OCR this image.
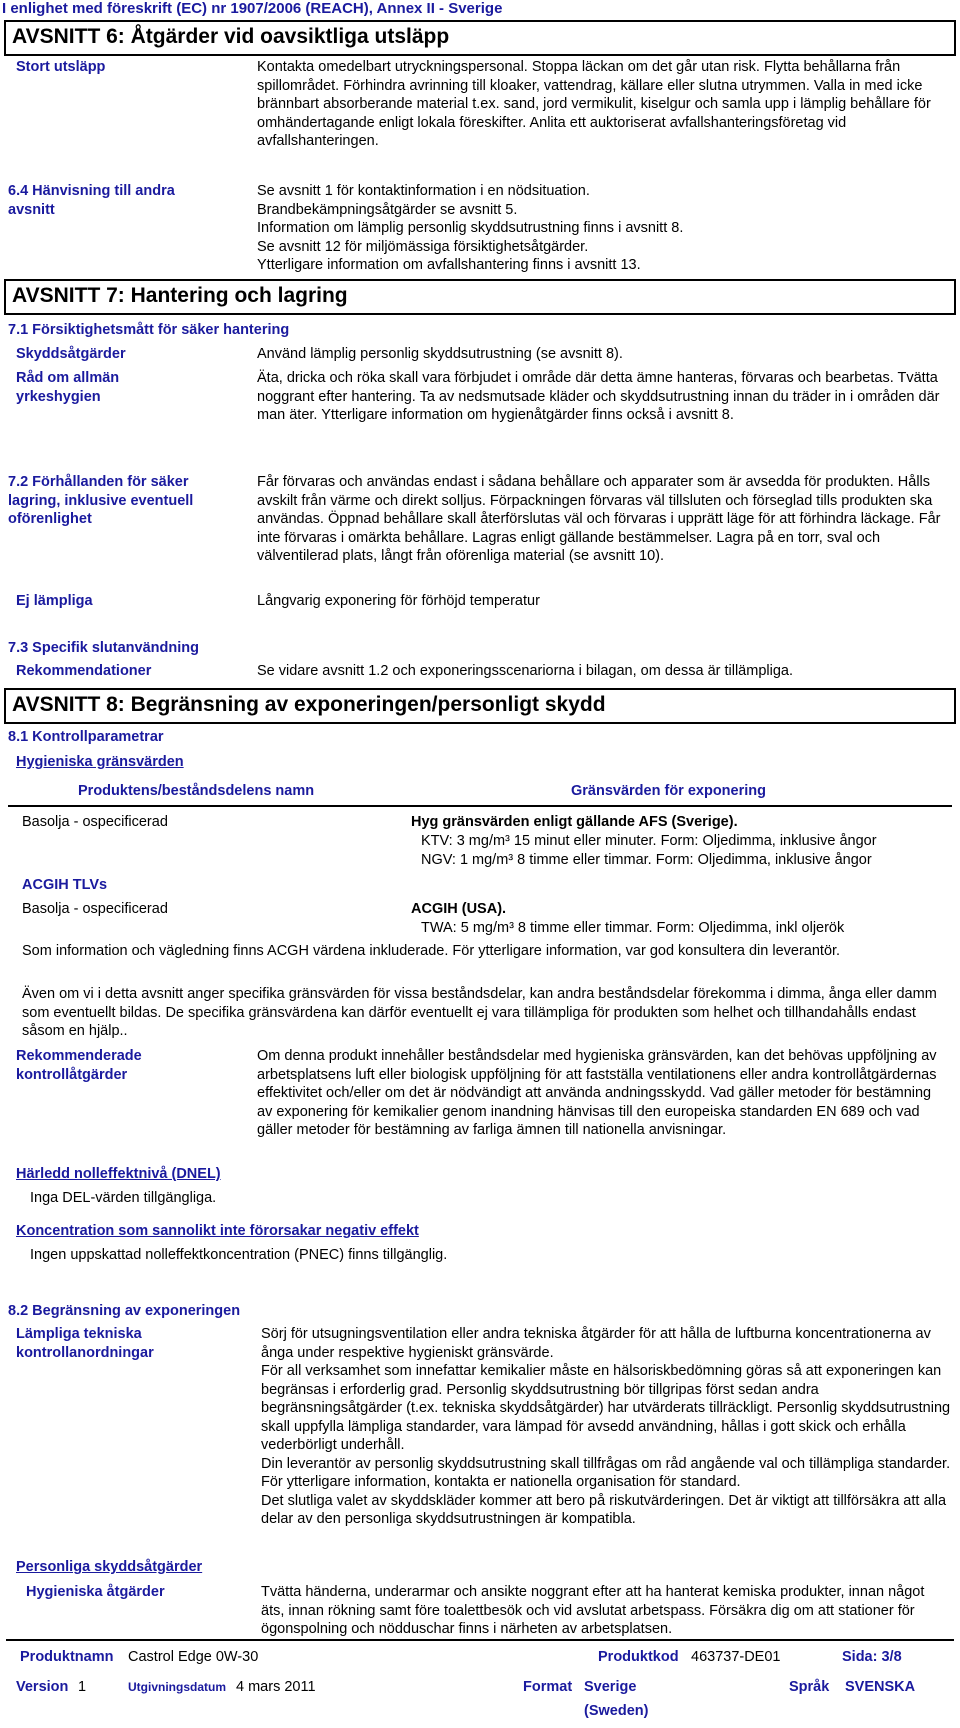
I enlighet med föreskrift (EC) nr 1907/2006 (REACH), Annex II - Sverige
AVSNITT 6: Åtgärder vid oavsiktliga utsläpp
Stort utsläpp	Kontakta omedelbart utryckningspersonal. Stoppa läckan om det går utan risk. Flytta behållarna från spillområdet. Förhindra avrinning till kloaker, vattendrag, källare eller slutna utrymmen. Valla in med icke brännbart absorberande material t.ex. sand, jord vermikulit, kiselgur och samla upp i lämplig behållare för omhändertagande enligt lokala föreskifter. Anlita ett auktoriserat avfallshanteringsföretag vid avfallshanteringen.
6.4 Hänvisning till andra avsnitt
Se avsnitt 1 för kontaktinformation i en nödsituation.
Brandbekämpningsåtgärder se avsnitt 5.
Information om lämplig personlig skyddsutrustning finns i avsnitt 8.
Se avsnitt 12 för miljömässiga försiktighetsåtgärder.
Ytterligare information om avfallshantering finns i avsnitt 13.
AVSNITT 7: Hantering och lagring
7.1 Försiktighetsmått för säker hantering
Skyddsåtgärder	Använd lämplig personlig skyddsutrustning (se avsnitt 8).
Råd om allmän yrkeshygien
Äta, dricka och röka skall vara förbjudet i område där detta ämne hanteras, förvaras och bearbetas. Tvätta noggrant efter hantering. Ta av nedsmutsade kläder och skyddsutrustning innan du träder in i områden där man äter. Ytterligare information om hygienåtgärder finns också i avsnitt 8.
7.2 Förhållanden för säker lagring, inklusive eventuell oförenlighet
Får förvaras och användas endast i sådana behållare och apparater som är avsedda för produkten. Hålls avskilt från värme och direkt solljus. Förpackningen förvaras väl tillsluten och förseglad tills produkten ska användas. Öppnad behållare skall återförslutas väl och förvaras i upprätt läge för att förhindra läckage. Får inte förvaras i omärkta behållare. Lagras enligt gällande bestämmelser. Lagra på en torr, sval och välventilerad plats, långt från oförenliga material (se avsnitt 10).
Ej lämpliga	Långvarig exponering för förhöjd temperatur
7.3 Specifik slutanvändning
Rekommendationer	Se vidare avsnitt 1.2 och exponeringsscenariorna i bilagan, om dessa är tillämpliga.
AVSNITT 8: Begränsning av exponeringen/personligt skydd
8.1 Kontrollparametrar
Hygieniska gränsvärden
Produktens/beståndsdelens namn	Gränsvärden för exponering
Basolja - ospecificerad	Hyg gränsvärden enligt gällande AFS (Sverige).
KTV: 3 mg/m³ 15 minut eller minuter. Form: Oljedimma, inklusive ångor
NGV: 1 mg/m³ 8 timme eller timmar. Form: Oljedimma, inklusive ångor
ACGIH TLVs
Basolja - ospecificerad	ACGIH (USA).
TWA: 5 mg/m³ 8 timme eller timmar. Form: Oljedimma, inkl oljerök
Som information och vägledning finns ACGH värdena inkluderade. För ytterligare information, var god konsultera din leverantör.
Även om vi i detta avsnitt anger specifika gränsvärden för vissa beståndsdelar, kan andra beståndsdelar förekomma i dimma, ånga eller damm som eventuellt bildas. De specifika gränsvärdena kan därför eventuellt ej vara tillämpliga för produkten som helhet och tillhandahålls endast såsom en hjälp..
Rekommenderade kontrollåtgärder
Om denna produkt innehåller beståndsdelar med hygieniska gränsvärden, kan det behövas uppföljning av arbetsplatsens luft eller biologisk uppföljning för att fastställa ventilationens eller andra kontrollåtgärdernas effektivitet och/eller om det är nödvändigt att använda andningsskydd. Vad gäller metoder för bestämning av exponering för kemikalier genom inandning hänvisas till den europeiska standarden EN 689 och vad gäller metoder för bestämning av farliga ämnen till nationella anvisningar.
Härledd nolleffektnivå (DNEL)
Inga DEL-värden tillgängliga.
Koncentration som sannolikt inte förorsakar negativ effekt
Ingen uppskattad nolleffektkoncentration (PNEC) finns tillgänglig.
8.2 Begränsning av exponeringen
Lämpliga tekniska kontrollanordningar
Sörj för utsugningsventilation eller andra tekniska åtgärder för att hålla de luftburna koncentrationerna av ånga under respektive hygieniskt gränsvärde.
För all verksamhet som innefattar kemikalier måste en hälsoriskbedömning göras så att exponeringen kan begränsas i erforderlig grad. Personlig skyddsutrustning bör tillgripas först sedan andra begränsningsåtgärder (t.ex. tekniska skyddsåtgärder) har utvärderats tillräckligt. Personlig skyddsutrustning skall uppfylla lämpliga standarder, vara lämpad för avsedd användning, hållas i gott skick och erhålla vederbörligt underhåll.
Din leverantör av personlig skyddsutrustning skall tillfrågas om råd angående val och tillämpliga standarder. För ytterligare information, kontakta er nationella organisation för standard.
Det slutliga valet av skyddskläder kommer att bero på riskutvärderingen. Det är viktigt att tillförsäkra att alla delar av den personliga skyddsutrustningen är kompatibla.
Personliga skyddsåtgärder
Hygieniska åtgärder	Tvätta händerna, underarmar och ansikte noggrant efter att ha hanterat kemiska produkter, innan något äts, innan rökning samt före toalettbesök och vid avslutat arbetspass. Försäkra dig om att stationer för ögonspolning och nödduschar finns i närheten av arbetsplatsen.
Produktnamn Castrol Edge 0W-30	Produktkod 463737-DE01	Sida: 3/8
Version 1	Utgivningsdatum 4 mars 2011	Format Sverige
(Sweden)
Språk SVENSKA
